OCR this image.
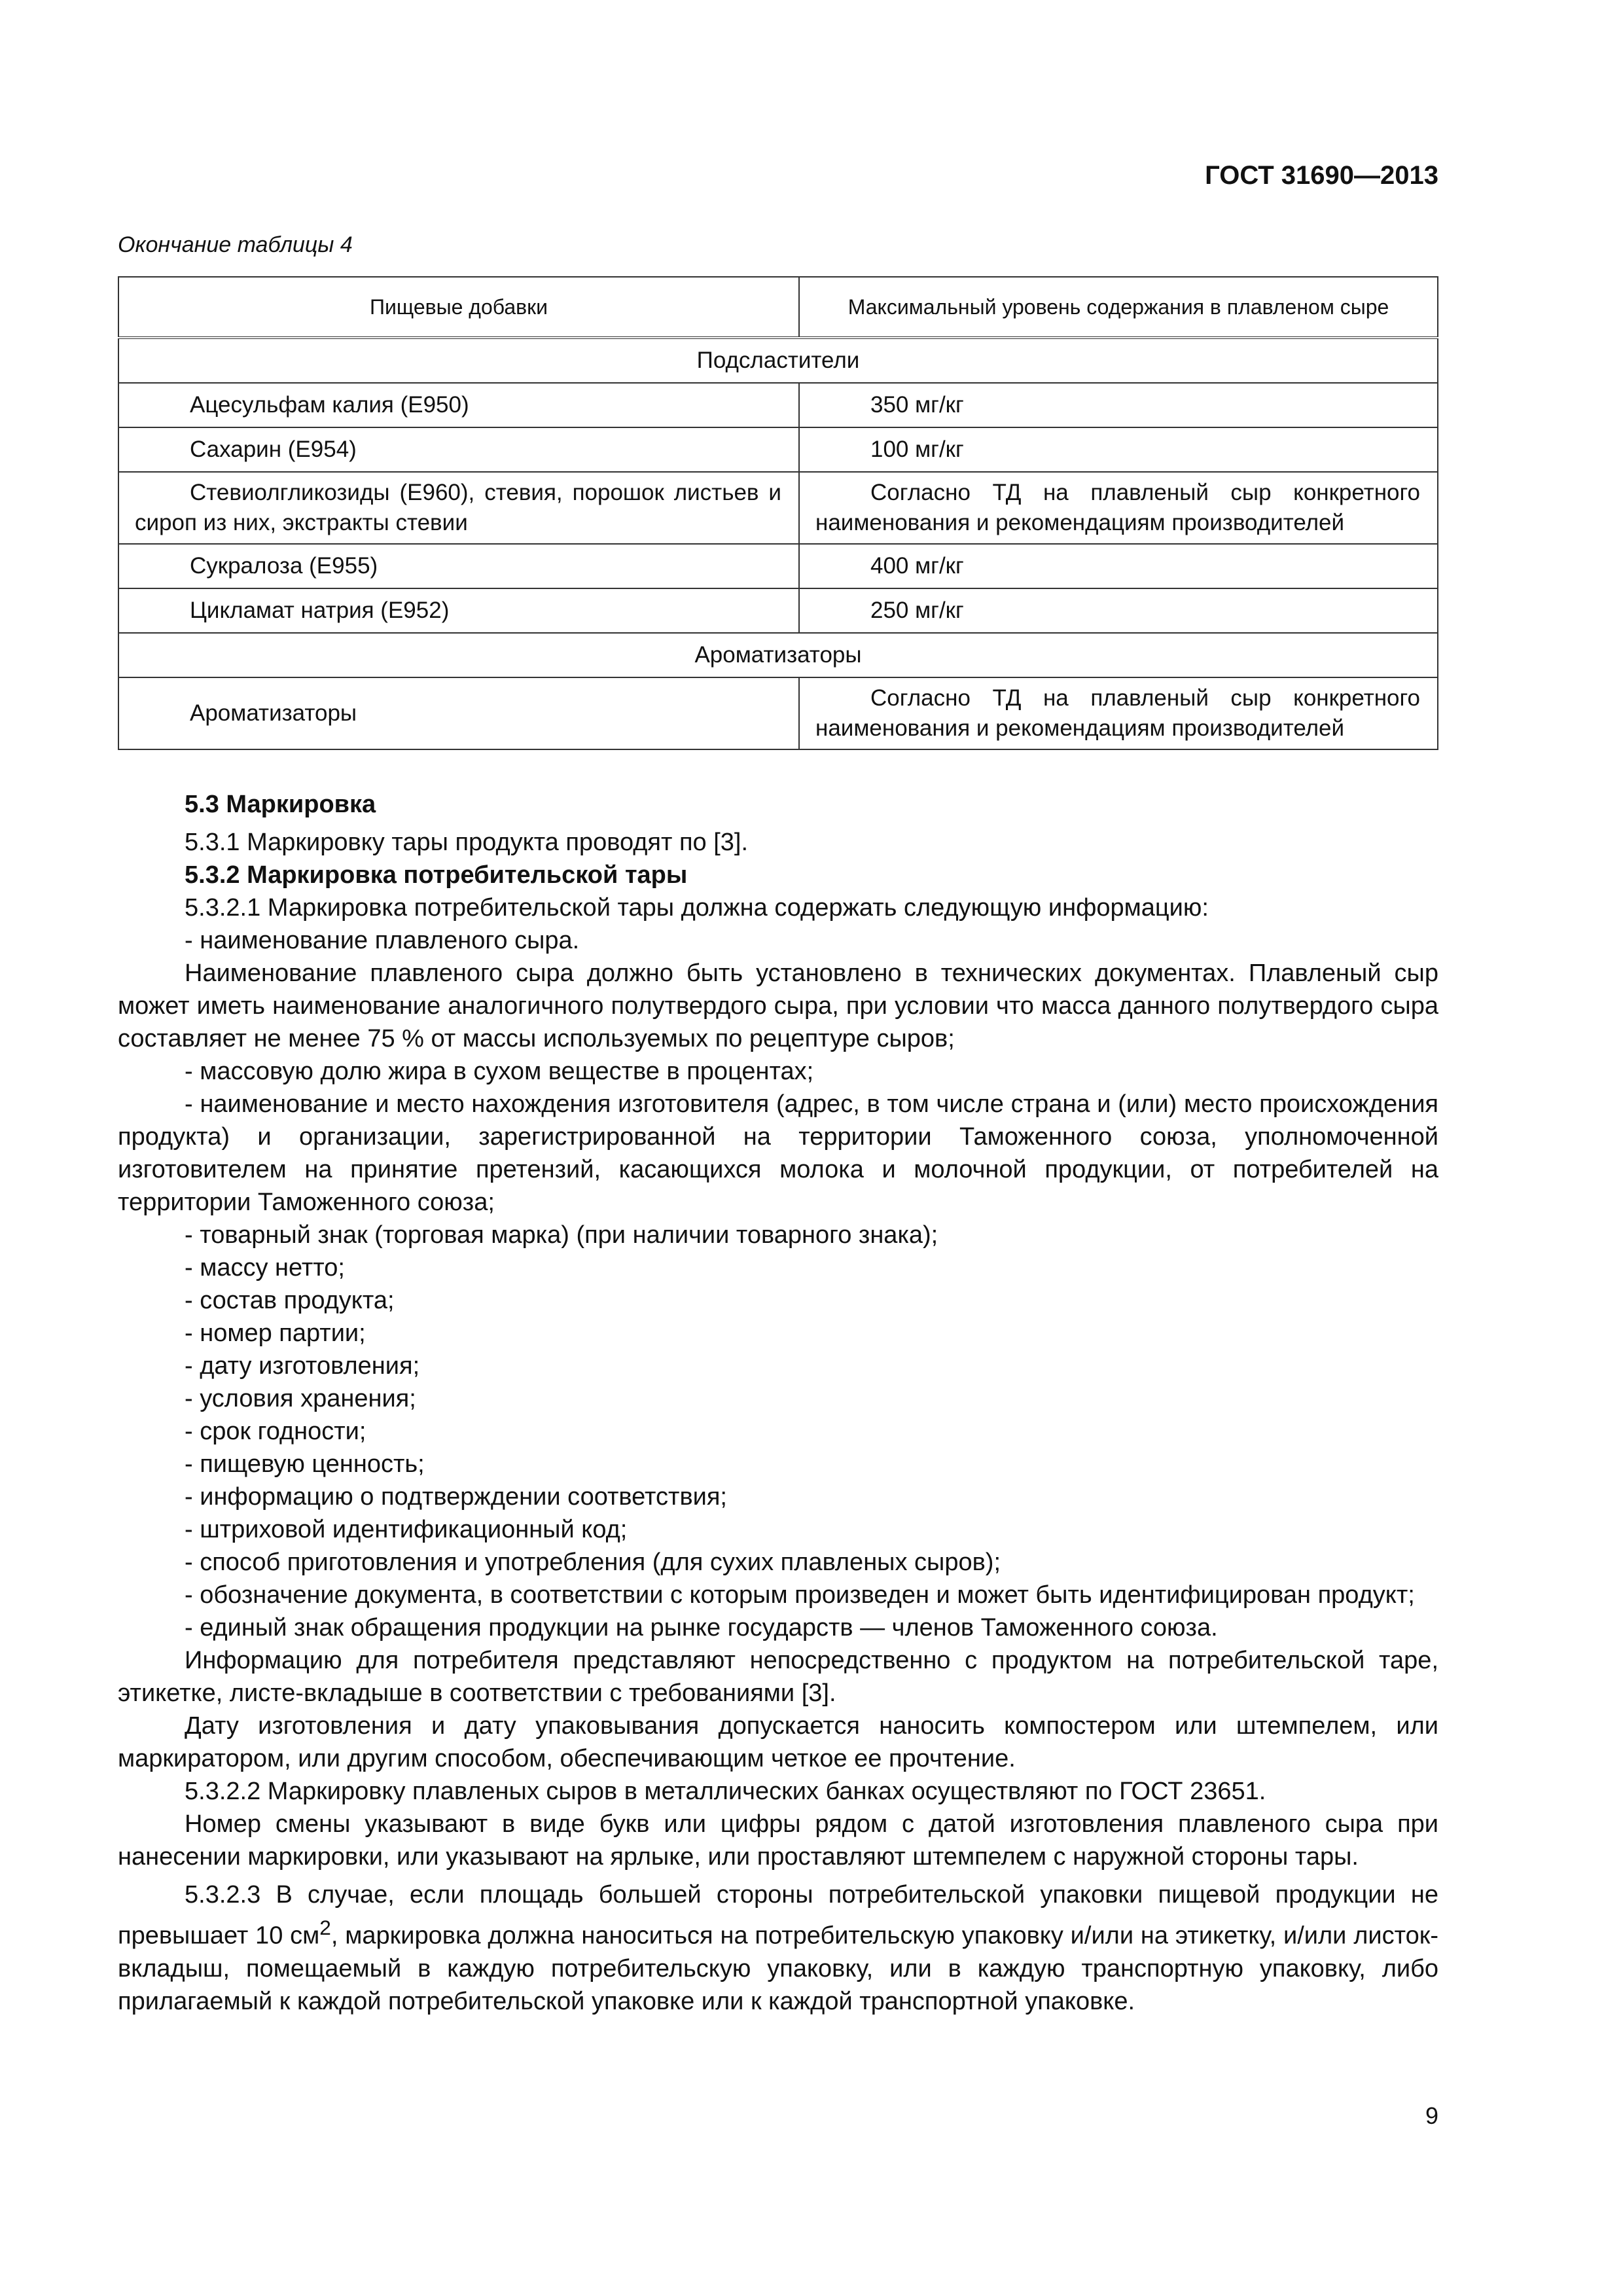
ГОСТ 31690—2013
Окончание таблицы 4
Пищевые добавки	Максимальный уровень содержания в плавленом сыре
Подсластители	

Ацесульфам калия (Е950)	350 мг/кг

Сахарин (Е954)	100 мг/кг

Стевиолгликозиды (Е960), стевия, порошок листьев и сироп из них, экстракты стевии	Согласно ТД на плавленый сыр конкретного наименования и рекомендациям производителей

Сукралоза (Е955)	400 мг/кг

Цикламат натрия (Е952)	250 мг/кг

Ароматизаторы	

Ароматизаторы	Согласно ТД на плавленый сыр конкретного наименования и рекомендациям производителей

5.3 Маркировка

5.3.1 Маркировку тары продукта проводят по [3].

5.3.2 Маркировка потребительской тары

5.3.2.1 Маркировка потребительской тары должна содержать следующую информацию:

- наименование плавленого сыра.

Наименование плавленого сыра должно быть установлено в технических документах. Плавленый сыр может иметь наименование аналогичного полутвердого сыра, при условии что масса данного полутвердого сыра составляет не менее 75 % от массы используемых по рецептуре сыров;

- массовую долю жира в сухом веществе в процентах;

- наименование и место нахождения изготовителя (адрес, в том числе страна и (или) место происхождения продукта) и организации, зарегистрированной на территории Таможенного союза, уполномоченной изготовителем на принятие претензий, касающихся молока и молочной продукции, от потребителей на территории Таможенного союза;

- товарный знак (торговая марка) (при наличии товарного знака);

- массу нетто;

- состав продукта;

- номер партии;

- дату изготовления;

- условия хранения;

- срок годности;

- пищевую ценность;

- информацию о подтверждении соответствия;

- штриховой идентификационный код;

- способ приготовления и употребления (для сухих плавленых сыров);

- обозначение документа, в соответствии с которым произведен и может быть идентифицирован продукт;

- единый знак обращения продукции на рынке государств — членов Таможенного союза.

Информацию для потребителя представляют непосредственно с продуктом на потребительской таре, этикетке, листе-вкладыше в соответствии с требованиями [3].

Дату изготовления и дату упаковывания допускается наносить компостером или штемпелем, или маркиратором, или другим способом, обеспечивающим четкое ее прочтение.

5.3.2.2 Маркировку плавленых сыров в металлических банках осуществляют по ГОСТ 23651.

Номер смены указывают в виде букв или цифры рядом с датой изготовления плавленого сыра при нанесении маркировки, или указывают на ярлыке, или проставляют штемпелем с наружной стороны тары.

5.3.2.3 В случае, если площадь большей стороны потребительской упаковки пищевой продукции не превышает 10 $см^2$, маркировка должна наноситься на потребительскую упаковку и/или на этикетку, и/или листок-вкладыш, помещаемый в каждую потребительскую упаковку, или в каждую транспортную упаковку, либо прилагаемый к каждой потребительской упаковке или к каждой транспортной упаковке.

9
